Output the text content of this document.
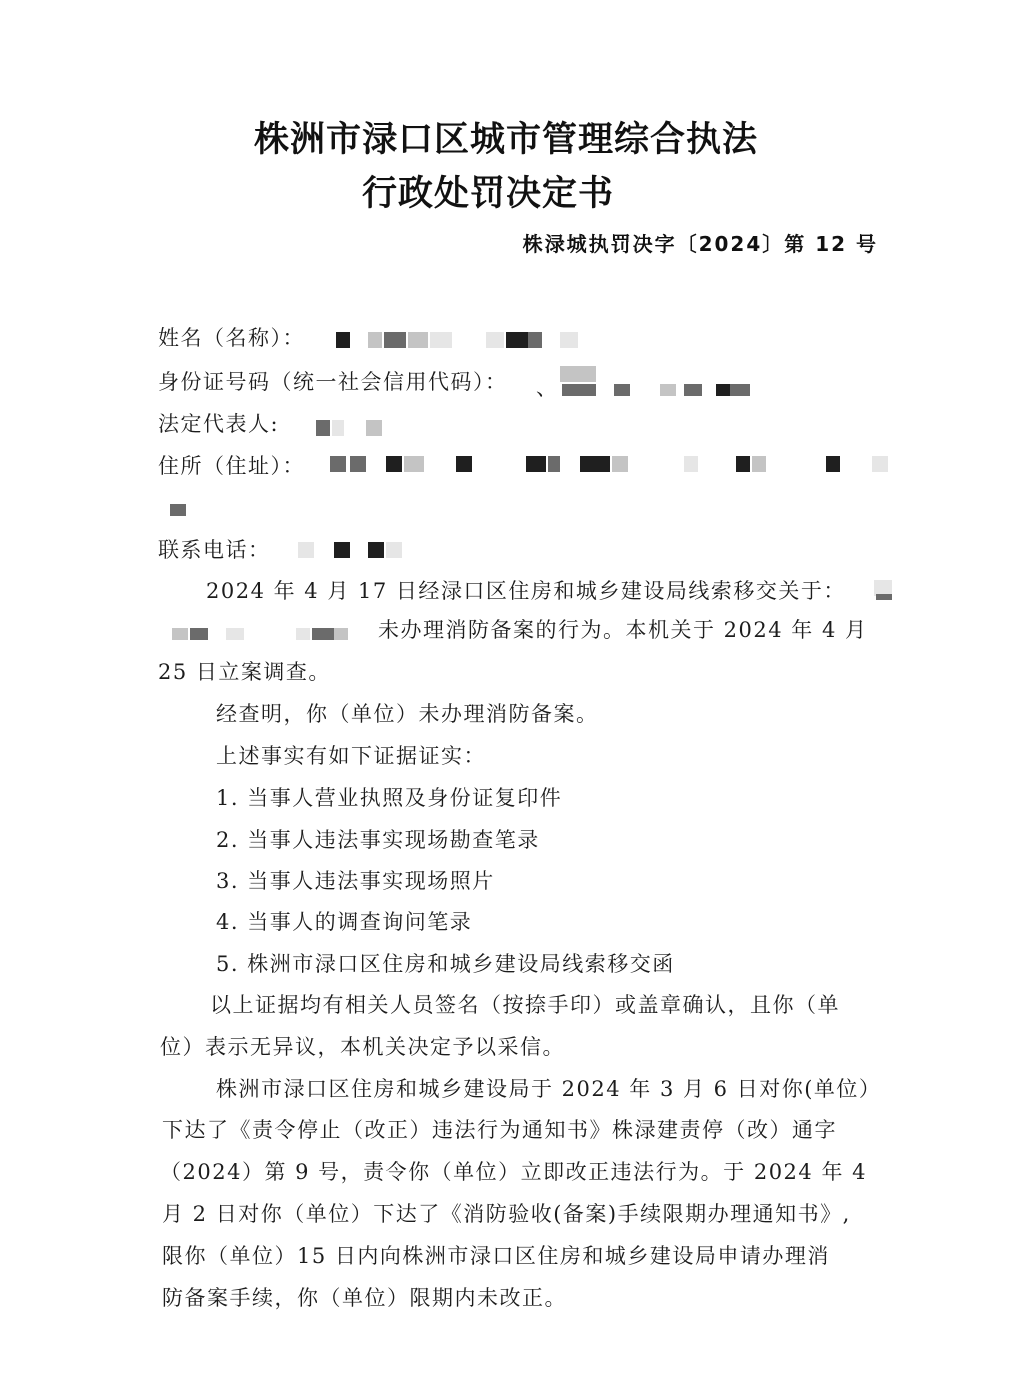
株洲市渌口区城市管理综合执法
行政处罚决定书
株渌城执罚决字〔2024〕第 12 号
姓名（名称）：
身份证号码（统一社会信用代码）： 、
法定代表人:
住所（住址）：
联系电话：
2024 年 4 月 17 日经渌口区住房和城乡建设局线索移交关于：
未办理消防备案的行为。本机关于 2024 年 4 月
25 日立案调查。
经查明，你（单位）未办理消防备案。
上述事实有如下证据证实：
1. 当事人营业执照及身份证复印件
2. 当事人违法事实现场勘查笔录
3. 当事人违法事实现场照片
4. 当事人的调查询问笔录
5. 株洲市渌口区住房和城乡建设局线索移交函
以上证据均有相关人员签名（按捺手印）或盖章确认，且你（单
位）表示无异议，本机关决定予以采信。
株洲市渌口区住房和城乡建设局于 2024 年 3 月 6 日对你(单位）
下达了《责令停止（改正）违法行为通知书》株渌建责停（改）通字
（2024）第 9 号，责令你（单位）立即改正违法行为。于 2024 年 4
月 2 日对你（单位）下达了《消防验收(备案)手续限期办理通知书》,
限你（单位）15 日内向株洲市渌口区住房和城乡建设局申请办理消
防备案手续，你（单位）限期内未改正。
